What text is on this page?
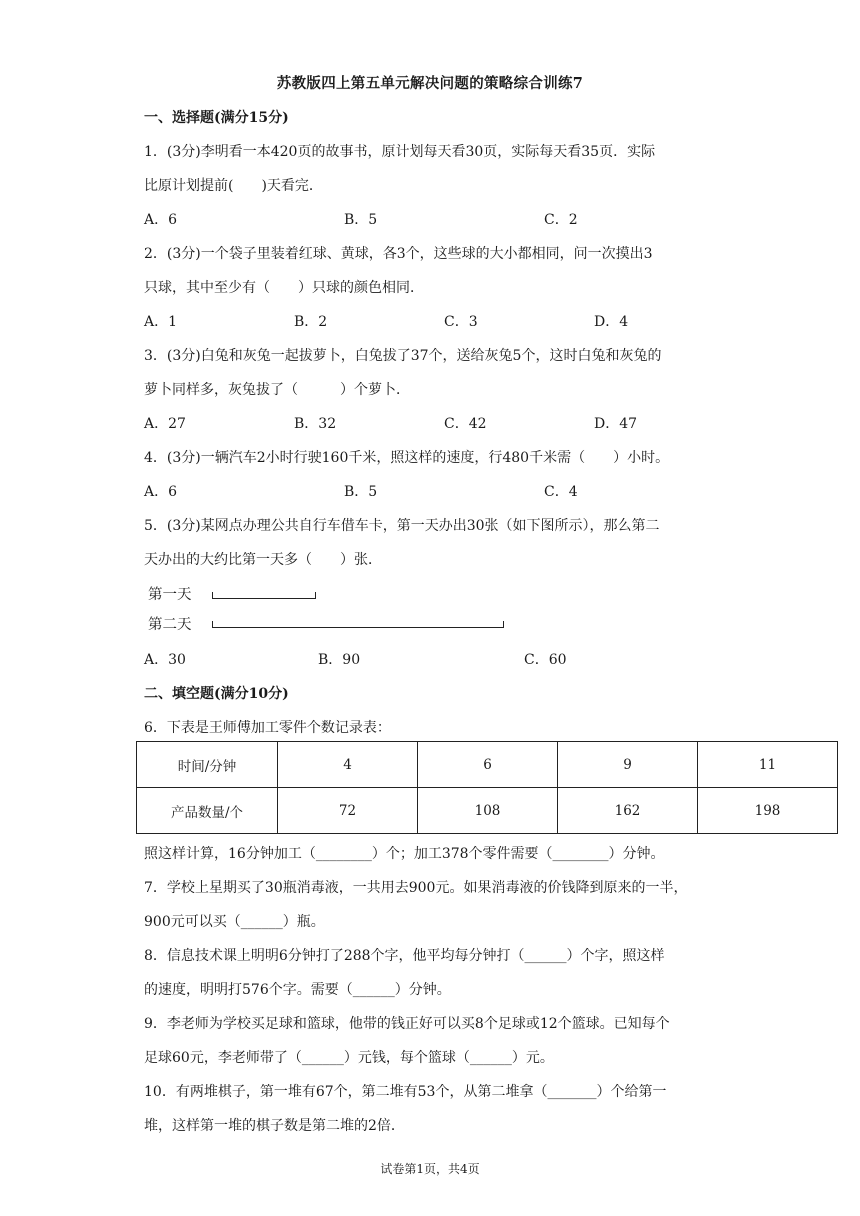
苏教版四上第五单元解决问题的策略综合训练7
一、选择题(满分15分)
1．(3分)李明看一本420页的故事书，原计划每天看30页，实际每天看35页．实际
比原计划提前(　　)天看完．
A．6	B．5	C．2
2．(3分)一个袋子里装着红球、黄球，各3个，这些球的大小都相同，问一次摸出3
只球，其中至少有（　　）只球的颜色相同．
A．1	B．2	C．3	D．4
3．(3分)白兔和灰兔一起拔萝卜，白兔拔了37个，送给灰兔5个，这时白兔和灰兔的
萝卜同样多，灰兔拔了（　　　）个萝卜．
A．27	B．32	C．42	D．47
4．(3分)一辆汽车2小时行驶160千米，照这样的速度，行480千米需（　　）小时。
A．6	B．5	C．4
5．(3分)某网点办理公共自行车借车卡，第一天办出30张（如下图所示），那么第二
天办出的大约比第一天多（　　）张．
第一天
第二天
A．30	B．90	C．60
二、填空题(满分10分)
6．下表是王师傅加工零件个数记录表：
时间/分钟	4	6	9	11
产品数量/个	72	108	162	198
照这样计算，16分钟加工（________）个；加工378个零件需要（________）分钟。
7．学校上星期买了30瓶消毒液，一共用去900元。如果消毒液的价钱降到原来的一半，
900元可以买（______）瓶。
8．信息技术课上明明6分钟打了288个字，他平均每分钟打（______）个字，照这样
的速度，明明打576个字。需要（______）分钟。
9．李老师为学校买足球和篮球，他带的钱正好可以买8个足球或12个篮球。已知每个
足球60元，李老师带了（______）元钱，每个篮球（______）元。
10．有两堆棋子，第一堆有67个，第二堆有53个，从第二堆拿（_______）个给第一
堆，这样第一堆的棋子数是第二堆的2倍．
试卷第1页，共4页
